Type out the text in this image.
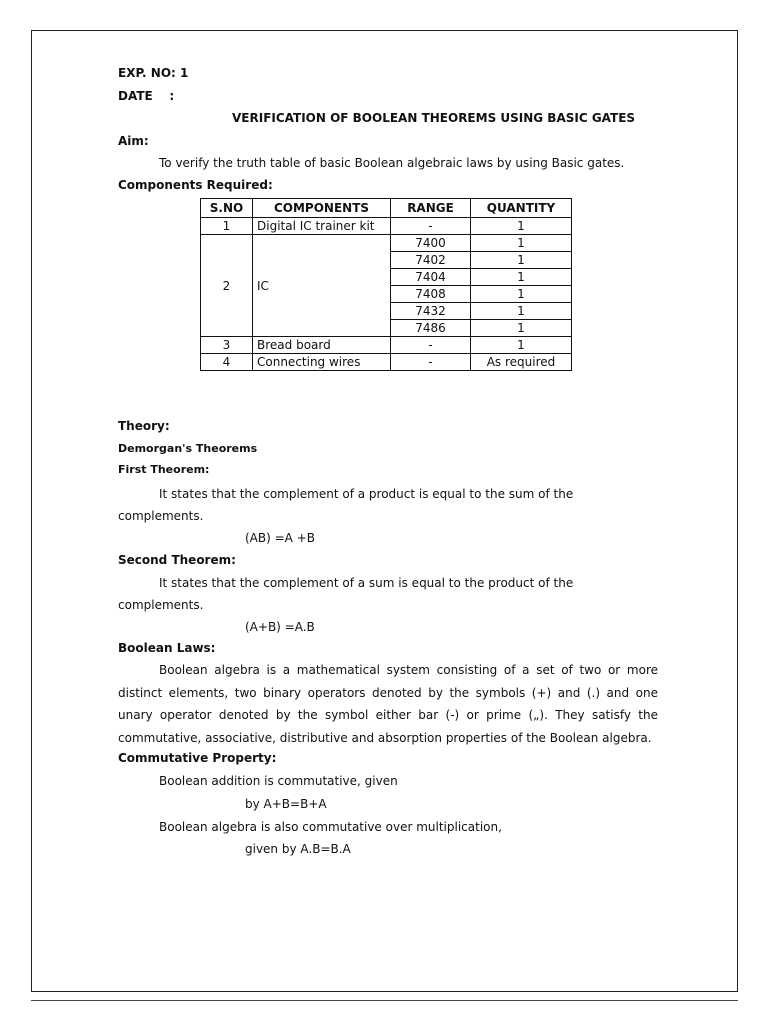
EXP. NO: 1
DATE    :
VERIFICATION OF BOOLEAN THEOREMS USING BASIC GATES
Aim:
To verify the truth table of basic Boolean algebraic laws by using Basic gates.
Components Required:
S.NO	COMPONENTS	RANGE	QUANTITY
1	Digital IC trainer kit	-	1
2	IC	7400	1
		7402	1
		7404	1
		7408	1
		7432	1
		7486	1
3	Bread board	-	1
4	Connecting wires	-	As required
Theory:
Demorgan's Theorems
First Theorem:
It states that the complement of a product is equal to the sum of the
complements.
(AB) =A +B
Second Theorem:
It states that the complement of a sum is equal to the product of the
complements.
(A+B) =A.B
Boolean Laws:
Boolean algebra is a mathematical system consisting of a set of two or more distinct elements, two binary operators denoted by the symbols (+) and (.) and one unary operator denoted by the symbol either bar (-) or prime („). They satisfy the commutative, associative, distributive and absorption properties of the Boolean algebra.
Commutative Property:
Boolean addition is commutative, given
by A+B=B+A
Boolean algebra is also commutative over multiplication,
given by A.B=B.A
